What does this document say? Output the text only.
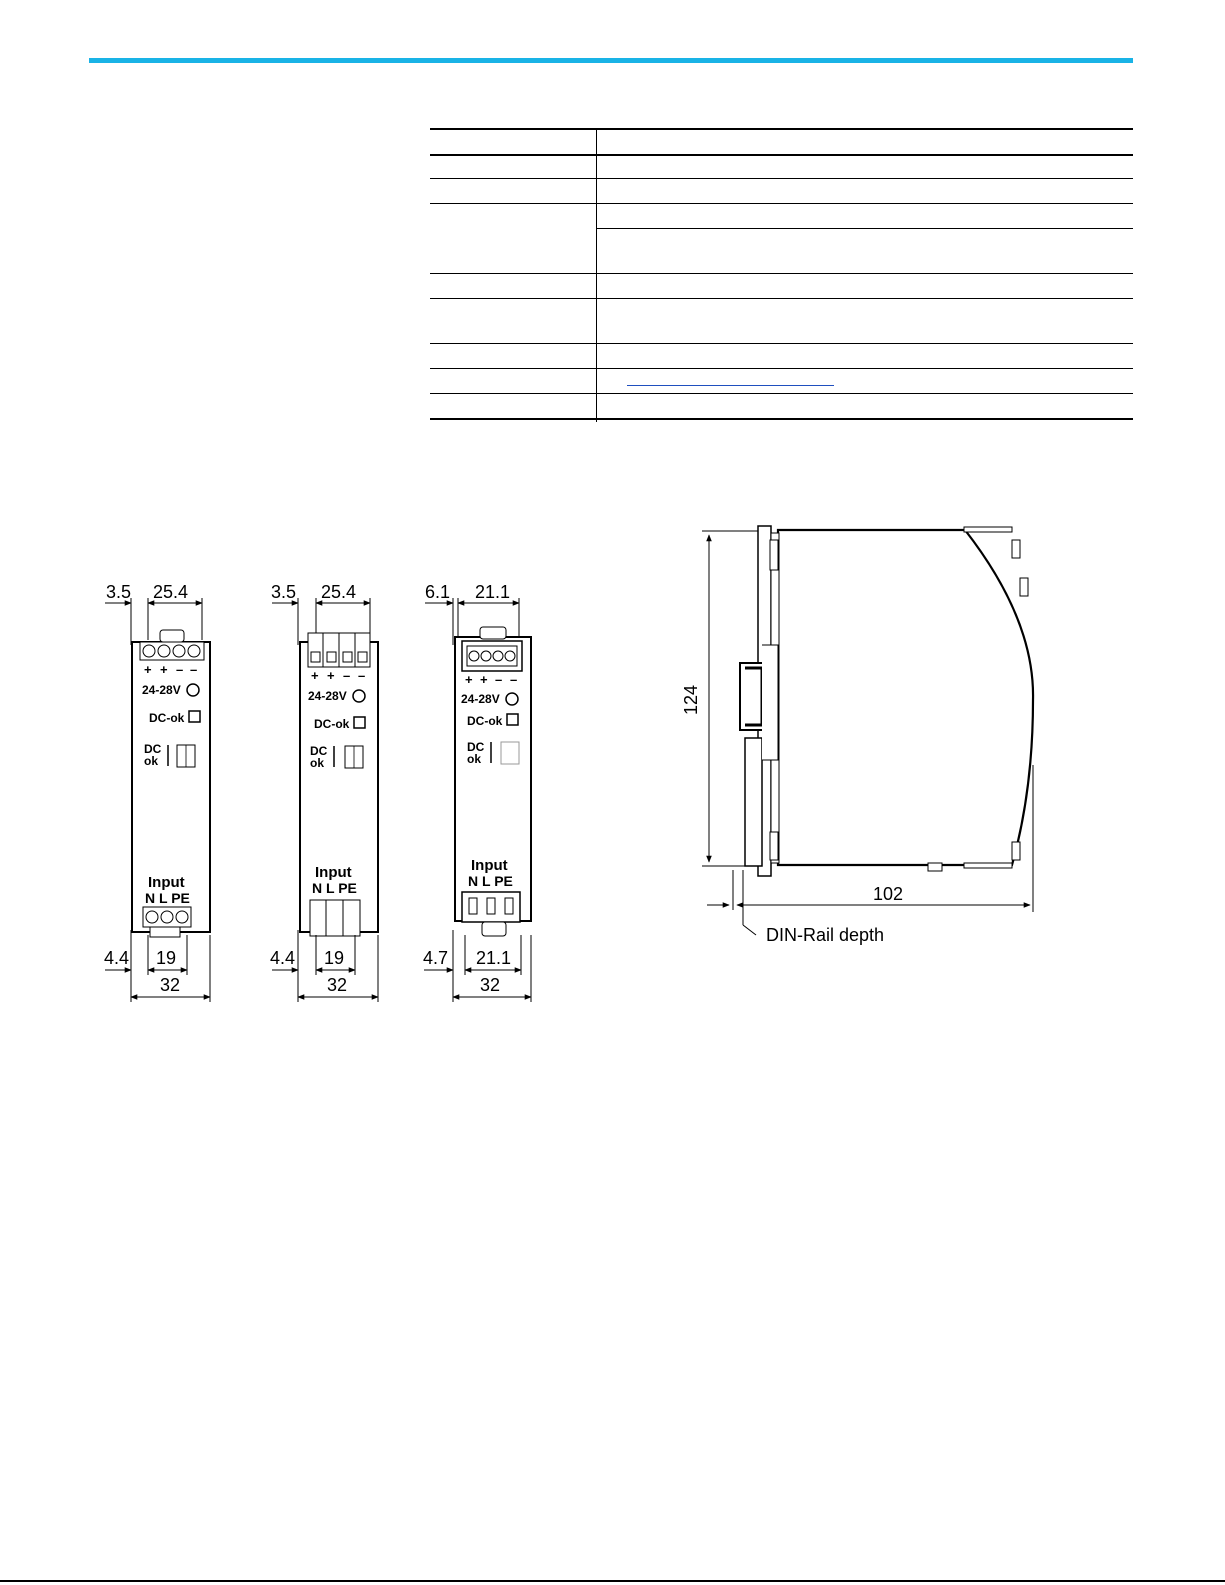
3.5 25.4
+ + – –
24-28V
DC-ok
DC
ok
Input
N L PE
4.4 19
32
3.5 25.4
+ + – –
24-28V
DC-ok
DC
ok
Input
N L PE
4.4 19
32
6.1 21.1
+ + – –
24-28V
DC-ok
DC
ok
Input
N L PE
4.7 21.1
32
124
102
DIN-Rail depth
